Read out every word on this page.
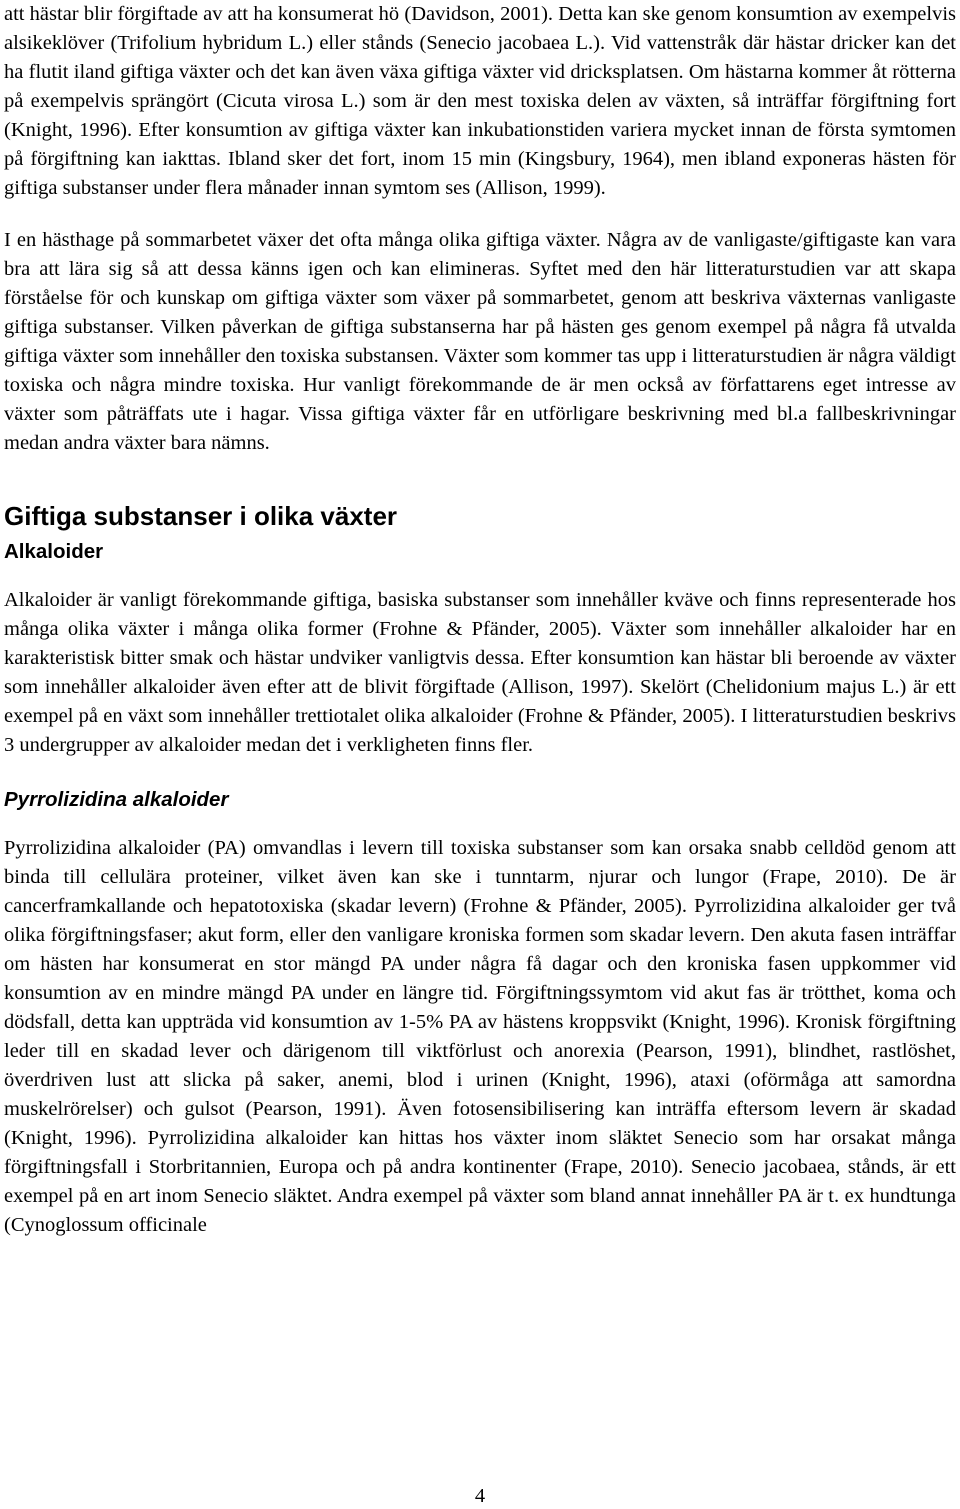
att hästar blir förgiftade av att ha konsumerat hö (Davidson, 2001). Detta kan ske genom konsumtion av exempelvis alsikeklöver (Trifolium hybridum L.) eller stånds (Senecio jacobaea L.). Vid vattenstråk där hästar dricker kan det ha flutit iland giftiga växter och det kan även växa giftiga växter vid dricksplatsen. Om hästarna kommer åt rötterna på exempelvis sprängört (Cicuta virosa L.) som är den mest toxiska delen av växten, så inträffar förgiftning fort (Knight, 1996). Efter konsumtion av giftiga växter kan inkubationstiden variera mycket innan de första symtomen på förgiftning kan iakttas. Ibland sker det fort, inom 15 min (Kingsbury, 1964), men ibland exponeras hästen för giftiga substanser under flera månader innan symtom ses (Allison, 1999).

I en hästhage på sommarbetet växer det ofta många olika giftiga växter. Några av de vanligaste/giftigaste kan vara bra att lära sig så att dessa känns igen och kan elimineras. Syftet med den här litteraturstudien var att skapa förståelse för och kunskap om giftiga växter som växer på sommarbetet, genom att beskriva växternas vanligaste giftiga substanser. Vilken påverkan de giftiga substanserna har på hästen ges genom exempel på några få utvalda giftiga växter som innehåller den toxiska substansen. Växter som kommer tas upp i litteraturstudien är några väldigt toxiska och några mindre toxiska. Hur vanligt förekommande de är men också av författarens eget intresse av växter som påträffats ute i hagar. Vissa giftiga växter får en utförligare beskrivning med bl.a fallbeskrivningar medan andra växter bara nämns.

Giftiga substanser i olika växter
Alkaloider

Alkaloider är vanligt förekommande giftiga, basiska substanser som innehåller kväve och finns representerade hos många olika växter i många olika former (Frohne & Pfänder, 2005). Växter som innehåller alkaloider har en karakteristisk bitter smak och hästar undviker vanligtvis dessa. Efter konsumtion kan hästar bli beroende av växter som innehåller alkaloider även efter att de blivit förgiftade (Allison, 1997). Skelört (Chelidonium majus L.) är ett exempel på en växt som innehåller trettiotalet olika alkaloider (Frohne & Pfänder, 2005). I litteraturstudien beskrivs 3 undergrupper av alkaloider medan det i verkligheten finns fler.

Pyrrolizidina alkaloider

Pyrrolizidina alkaloider (PA) omvandlas i levern till toxiska substanser som kan orsaka snabb celldöd genom att binda till cellulära proteiner, vilket även kan ske i tunntarm, njurar och lungor (Frape, 2010). De är cancerframkallande och hepatotoxiska (skadar levern) (Frohne & Pfänder, 2005). Pyrrolizidina alkaloider ger två olika förgiftningsfaser; akut form, eller den vanligare kroniska formen som skadar levern. Den akuta fasen inträffar om hästen har konsumerat en stor mängd PA under några få dagar och den kroniska fasen uppkommer vid konsumtion av en mindre mängd PA under en längre tid. Förgiftningssymtom vid akut fas är trötthet, koma och dödsfall, detta kan uppträda vid konsumtion av 1-5% PA av hästens kroppsvikt (Knight, 1996). Kronisk förgiftning leder till en skadad lever och därigenom till viktförlust och anorexia (Pearson, 1991), blindhet, rastlöshet, överdriven lust att slicka på saker, anemi, blod i urinen (Knight, 1996), ataxi (oförmåga att samordna muskelrörelser) och gulsot (Pearson, 1991). Även fotosensibilisering kan inträffa eftersom levern är skadad (Knight, 1996). Pyrrolizidina alkaloider kan hittas hos växter inom släktet Senecio som har orsakat många förgiftningsfall i Storbritannien, Europa och på andra kontinenter (Frape, 2010). Senecio jacobaea, stånds, är ett exempel på en art inom Senecio släktet. Andra exempel på växter som bland annat innehåller PA är t. ex hundtunga (Cynoglossum officinale

4
